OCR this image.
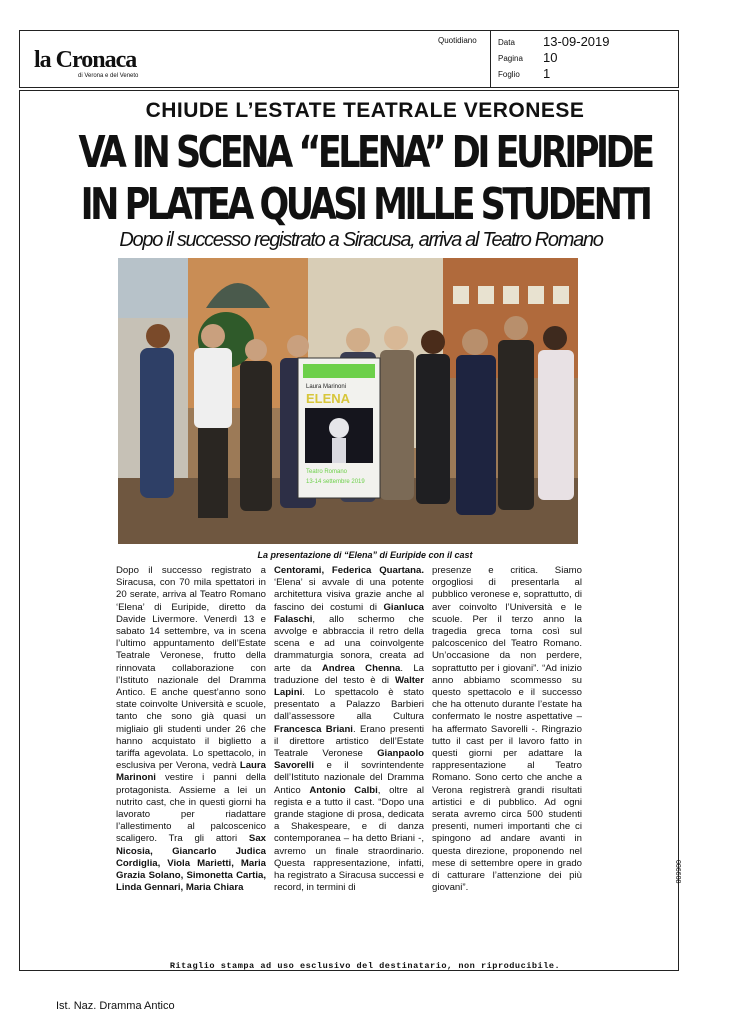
la Cronaca
di Verona e del Veneto
Quotidiano	Data 13-09-2019
Pagina 10
Foglio 1
CHIUDE L’ESTATE TEATRALE VERONESE
VA IN SCENA “ELENA” DI EURIPIDE
IN PLATEA QUASI MILLE STUDENTI
Dopo il successo registrato a Siracusa, arriva al Teatro Romano
Laura Marinoni
ELENA
Teatro Romano
13-14 settembre 2019
La presentazione di “Elena” di Euripide con il cast
Dopo il successo registrato a Siracusa, con 70 mila spettatori in 20 serate, arriva al Teatro Romano ‘Elena’ di Euripide, diretto da Davide Livermore. Venerdì 13 e sabato 14 settembre, va in scena l’ultimo appuntamento dell’Estate Teatrale Veronese, frutto della rinnovata collaborazione con l’Istituto nazionale del Dramma Antico. E anche quest’anno sono state coinvolte Università e scuole, tanto che sono già quasi un migliaio gli studenti under 26 che hanno acquistato il biglietto a tariffa agevolata. Lo spettacolo, in esclusiva per Verona, vedrà Laura Marinoni vestire i panni della protagonista. Assieme a lei un nutrito cast, che in questi giorni ha lavorato per riadattare l’allestimento al palcoscenico scaligero. Tra gli attori Sax Nicosia, Giancarlo Judica Cordiglia, Viola Marietti, Maria Grazia Solano, Simonetta Cartia, Linda Gennari, Maria Chiara
Centorami, Federica Quartana. ‘Elena’ si avvale di una potente architettura visiva grazie anche al fascino dei costumi di Gianluca Falaschi, allo schermo che avvolge e abbraccia il retro della scena e ad una coinvolgente drammaturgia sonora, creata ad arte da Andrea Chenna. La traduzione del testo è di Walter Lapini. Lo spettacolo è stato presentato a Palazzo Barbieri dall’assessore alla Cultura Francesca Briani. Erano presenti il direttore artistico dell’Estate Teatrale Veronese Gianpaolo Savorelli e il sovrintendente dell’Istituto nazionale del Dramma Antico Antonio Calbi, oltre al regista e a tutto il cast. “Dopo una grande stagione di prosa, dedicata a Shakespeare, e di danza contemporanea – ha detto Briani -, avremo un finale straordinario. Questa rappresentazione, infatti, ha registrato a Siracusa successi e record, in termini di
presenze e critica. Siamo orgogliosi di presentarla al pubblico veronese e, soprattutto, di aver coinvolto l’Università e le scuole. Per il terzo anno la tragedia greca torna così sul palcoscenico del Teatro Romano. Un’occasione da non perdere, soprattutto per i giovani”. “Ad inizio anno abbiamo scommesso su questo spettacolo e il successo che ha ottenuto durante l’estate ha confermato le nostre aspettative – ha affermato Savorelli -. Ringrazio tutto il cast per il lavoro fatto in questi giorni per adattare la rappresentazione al Teatro Romano. Sono certo che anche a Verona registrerà grandi risultati artistici e di pubblico. Ad ogni serata avremo circa 500 studenti presenti, numeri importanti che ci spingono ad andare avanti in questa direzione, proponendo nel mese di settembre opere in grado di catturare l’attenzione dei più giovani”.
Ritaglio stampa ad uso esclusivo del destinatario, non riproducibile.
006608
Ist. Naz. Dramma Antico
